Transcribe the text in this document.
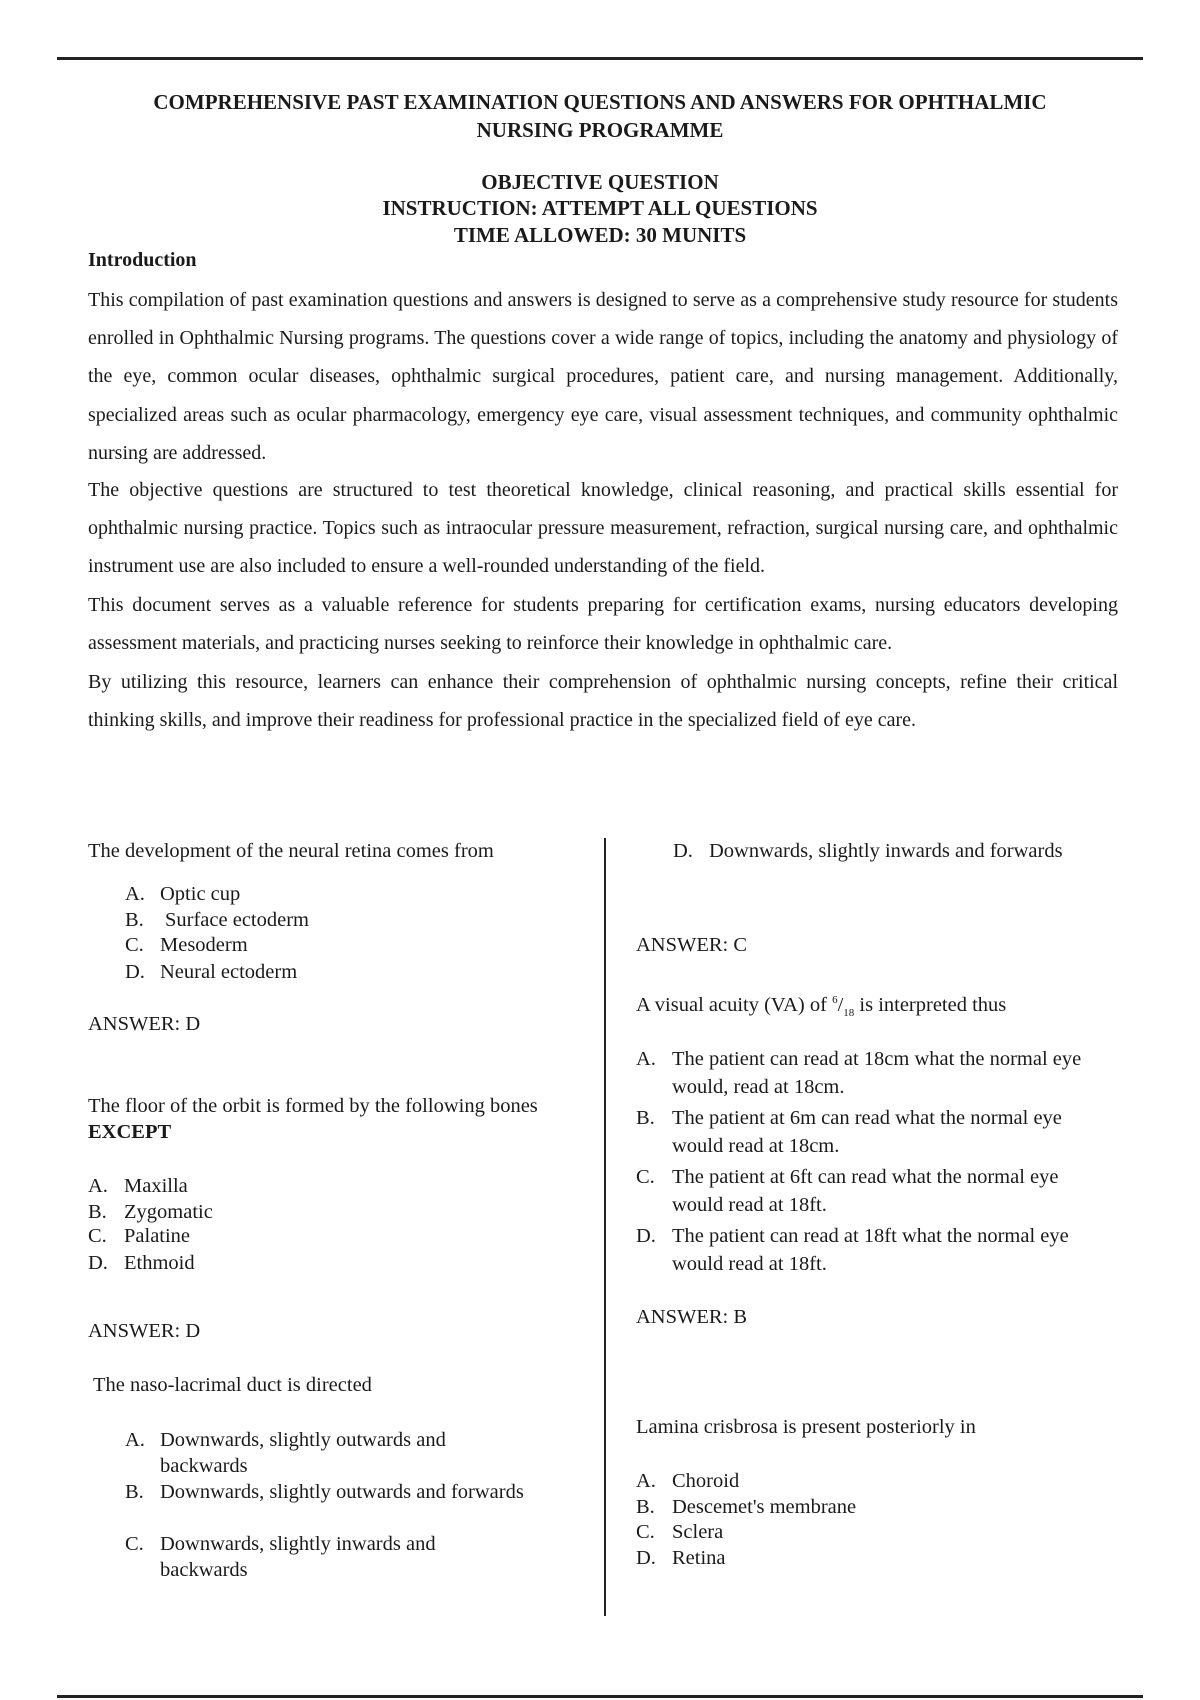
COMPREHENSIVE PAST EXAMINATION QUESTIONS AND ANSWERS FOR OPHTHALMIC
NURSING PROGRAMME
OBJECTIVE QUESTION
INSTRUCTION: ATTEMPT ALL QUESTIONS
TIME ALLOWED: 30 MUNITS
Introduction
This compilation of past examination questions and answers is designed to serve as a comprehensive study resource for students enrolled in Ophthalmic Nursing programs. The questions cover a wide range of topics, including the anatomy and physiology of the eye, common ocular diseases, ophthalmic surgical procedures, patient care, and nursing management. Additionally, specialized areas such as ocular pharmacology, emergency eye care, visual assessment techniques, and community ophthalmic nursing are addressed.
The objective questions are structured to test theoretical knowledge, clinical reasoning, and practical skills essential for ophthalmic nursing practice. Topics such as intraocular pressure measurement, refraction, surgical nursing care, and ophthalmic instrument use are also included to ensure a well-rounded understanding of the field.
This document serves as a valuable reference for students preparing for certification exams, nursing educators developing assessment materials, and practicing nurses seeking to reinforce their knowledge in ophthalmic care.
By utilizing this resource, learners can enhance their comprehension of ophthalmic nursing concepts, refine their critical thinking skills, and improve their readiness for professional practice in the specialized field of eye care.
The development of the neural retina comes from
A. Optic cup
B.	Surface ectoderm
C. Mesoderm
D. Neural ectoderm
ANSWER: D
The floor of the orbit is formed by the following bones EXCEPT
A. Maxilla
B. Zygomatic
C. Palatine
D. Ethmoid
ANSWER: D
The naso-lacrimal duct is directed
A. Downwards, slightly outwards and backwards
B. Downwards, slightly outwards and forwards
C. Downwards, slightly inwards and backwards
D. Downwards, slightly inwards and forwards
ANSWER: C
A visual acuity (VA) of $^6/_{18}$ is interpreted thus
A. The patient can read at 18cm what the normal eye would, read at 18cm.
B. The patient at 6m can read what the normal eye would read at 18cm.
C. The patient at 6ft can read what the normal eye would read at 18ft.
D. The patient can read at 18ft what the normal eye would read at 18ft.
ANSWER: B
Lamina crisbrosa is present posteriorly in
A. Choroid
B. Descemet's membrane
C. Sclera
D. Retina
